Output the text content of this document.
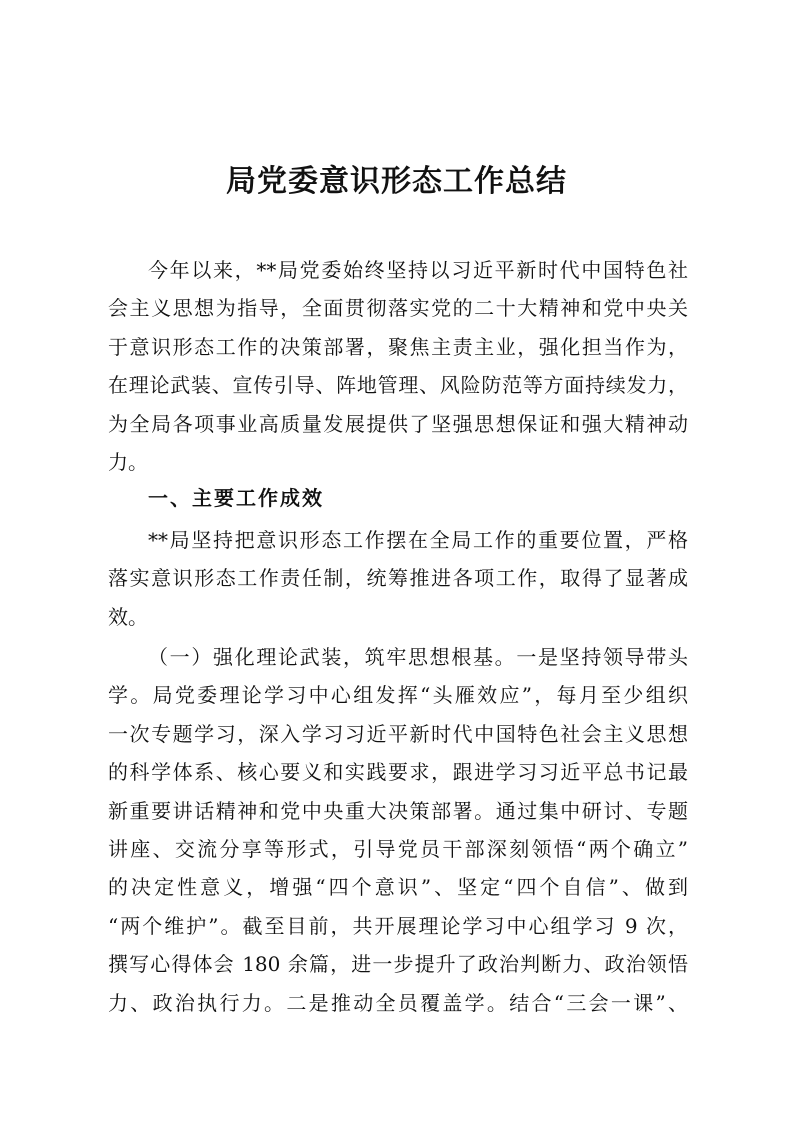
局党委意识形态工作总结
今年以来，**局党委始终坚持以习近平新时代中国特色社
会主义思想为指导，全面贯彻落实党的二十大精神和党中央关
于意识形态工作的决策部署，聚焦主责主业，强化担当作为，
在理论武装、宣传引导、阵地管理、风险防范等方面持续发力，
为全局各项事业高质量发展提供了坚强思想保证和强大精神动
力。
一、主要工作成效
**局坚持把意识形态工作摆在全局工作的重要位置，严格
落实意识形态工作责任制，统筹推进各项工作，取得了显著成
效。
（一）强化理论武装，筑牢思想根基。一是坚持领导带头
学。局党委理论学习中心组发挥“头雁效应”，每月至少组织
一次专题学习，深入学习习近平新时代中国特色社会主义思想
的科学体系、核心要义和实践要求，跟进学习习近平总书记最
新重要讲话精神和党中央重大决策部署。通过集中研讨、专题
讲座、交流分享等形式，引导党员干部深刻领悟“两个确立”
的决定性意义，增强“四个意识”、坚定“四个自信”、做到
“两个维护”。截至目前，共开展理论学习中心组学习 9 次，
撰写心得体会 180 余篇，进一步提升了政治判断力、政治领悟
力、政治执行力。二是推动全员覆盖学。结合“三会一课”、
